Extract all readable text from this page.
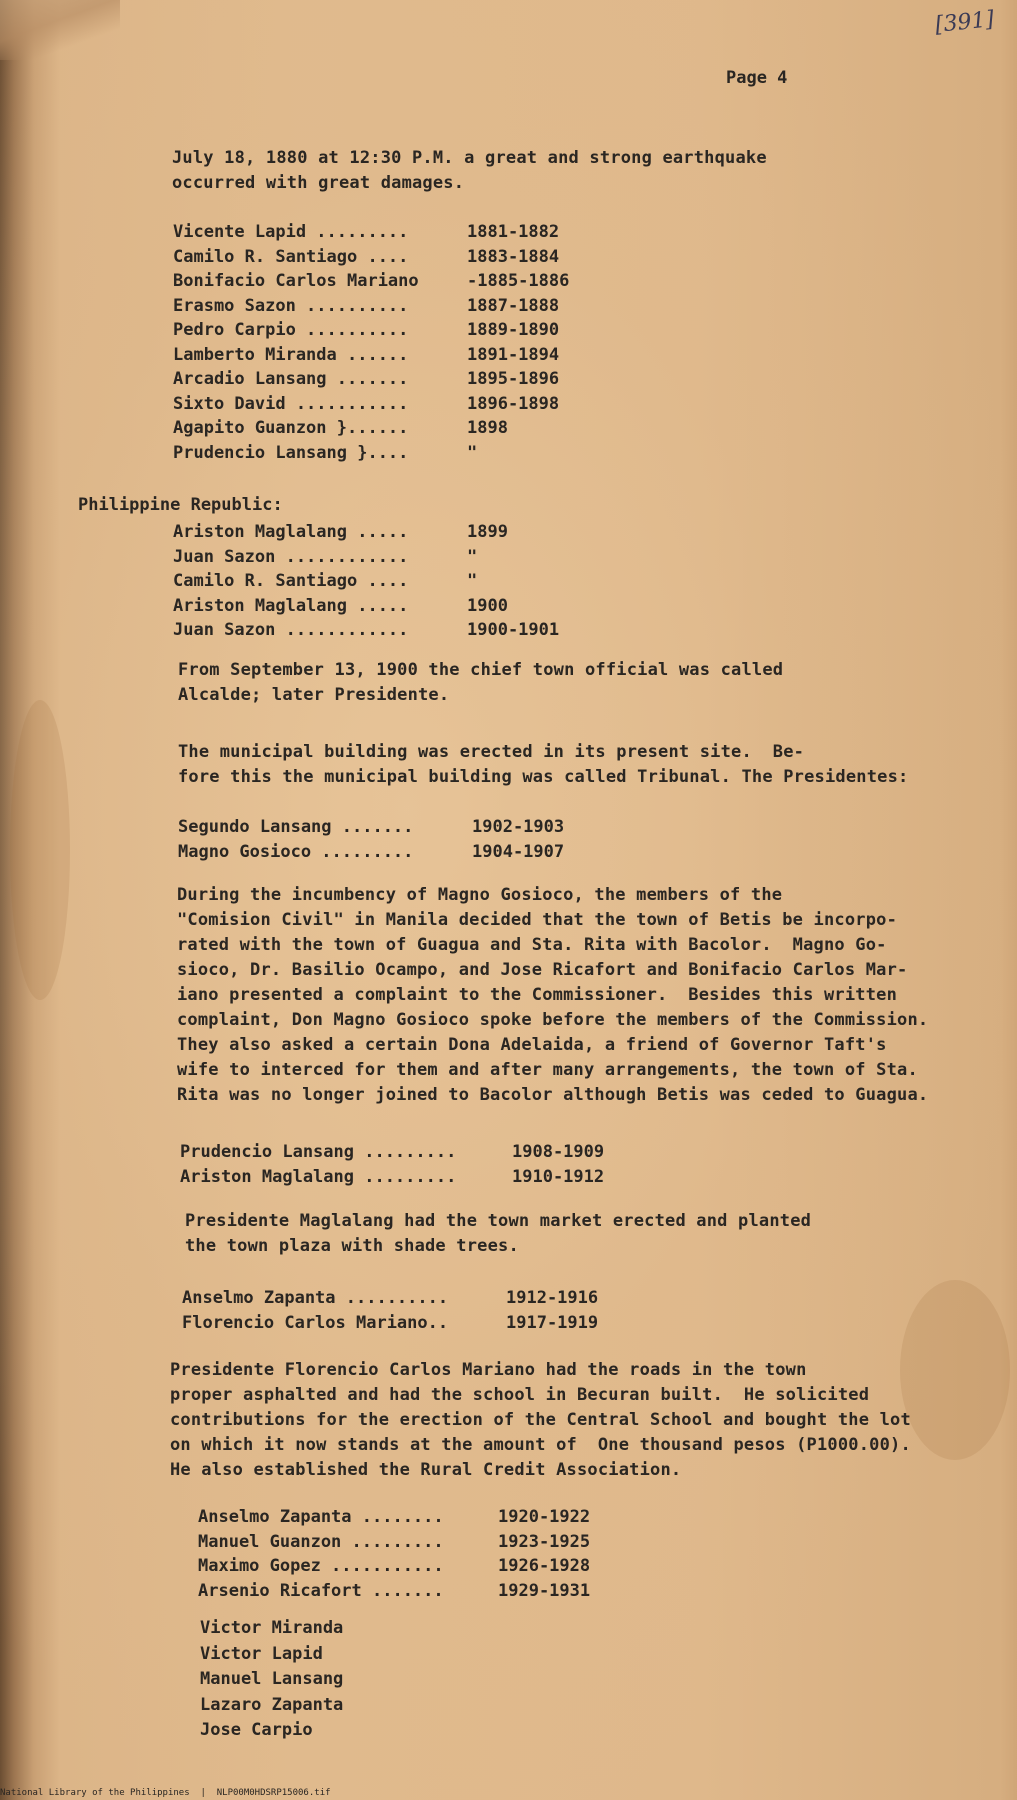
[391]
Page 4
July 18, 1880 at 12:30 P.M. a great and strong earthquake
occurred with great damages.
Vicente Lapid .........	1881-1882
Camilo R. Santiago ....	1883-1884
Bonifacio Carlos Mariano	-1885-1886
Erasmo Sazon ..........	1887-1888
Pedro Carpio ..........	1889-1890
Lamberto Miranda ......	1891-1894
Arcadio Lansang .......	1895-1896
Sixto David ...........	1896-1898
Agapito Guanzon }......	1898
Prudencio Lansang }....	"
Philippine Republic:
Ariston Maglalang .....	1899
Juan Sazon ............	"
Camilo R. Santiago ....	"
Ariston Maglalang .....	1900
Juan Sazon ............	1900-1901
From September 13, 1900 the chief town official was called
Alcalde; later Presidente.
The municipal building was erected in its present site.  Be-
fore this the municipal building was called Tribunal. The Presidentes:
Segundo Lansang .......	1902-1903
Magno Gosioco .........	1904-1907
During the incumbency of Magno Gosioco, the members of the
"Comision Civil" in Manila decided that the town of Betis be incorpo-
rated with the town of Guagua and Sta. Rita with Bacolor.  Magno Go-
sioco, Dr. Basilio Ocampo, and Jose Ricafort and Bonifacio Carlos Mar-
iano presented a complaint to the Commissioner.  Besides this written
complaint, Don Magno Gosioco spoke before the members of the Commission.
They also asked a certain Dona Adelaida, a friend of Governor Taft's
wife to interced for them and after many arrangements, the town of Sta.
Rita was no longer joined to Bacolor although Betis was ceded to Guagua.
Prudencio Lansang .........	1908-1909
Ariston Maglalang .........	1910-1912
Presidente Maglalang had the town market erected and planted
the town plaza with shade trees.
Anselmo Zapanta ..........	1912-1916
Florencio Carlos Mariano..	1917-1919
Presidente Florencio Carlos Mariano had the roads in the town
proper asphalted and had the school in Becuran built.  He solicited
contributions for the erection of the Central School and bought the lot
on which it now stands at the amount of  One thousand pesos (P1000.00).
He also established the Rural Credit Association.
Anselmo Zapanta ........	1920-1922
Manuel Guanzon .........	1923-1925
Maximo Gopez ...........	1926-1928
Arsenio Ricafort .......	1929-1931
Victor Miranda
Victor Lapid
Manuel Lansang
Lazaro Zapanta
Jose Carpio
National Library of the Philippines  |  NLP00M0HDSRP15006.tif
